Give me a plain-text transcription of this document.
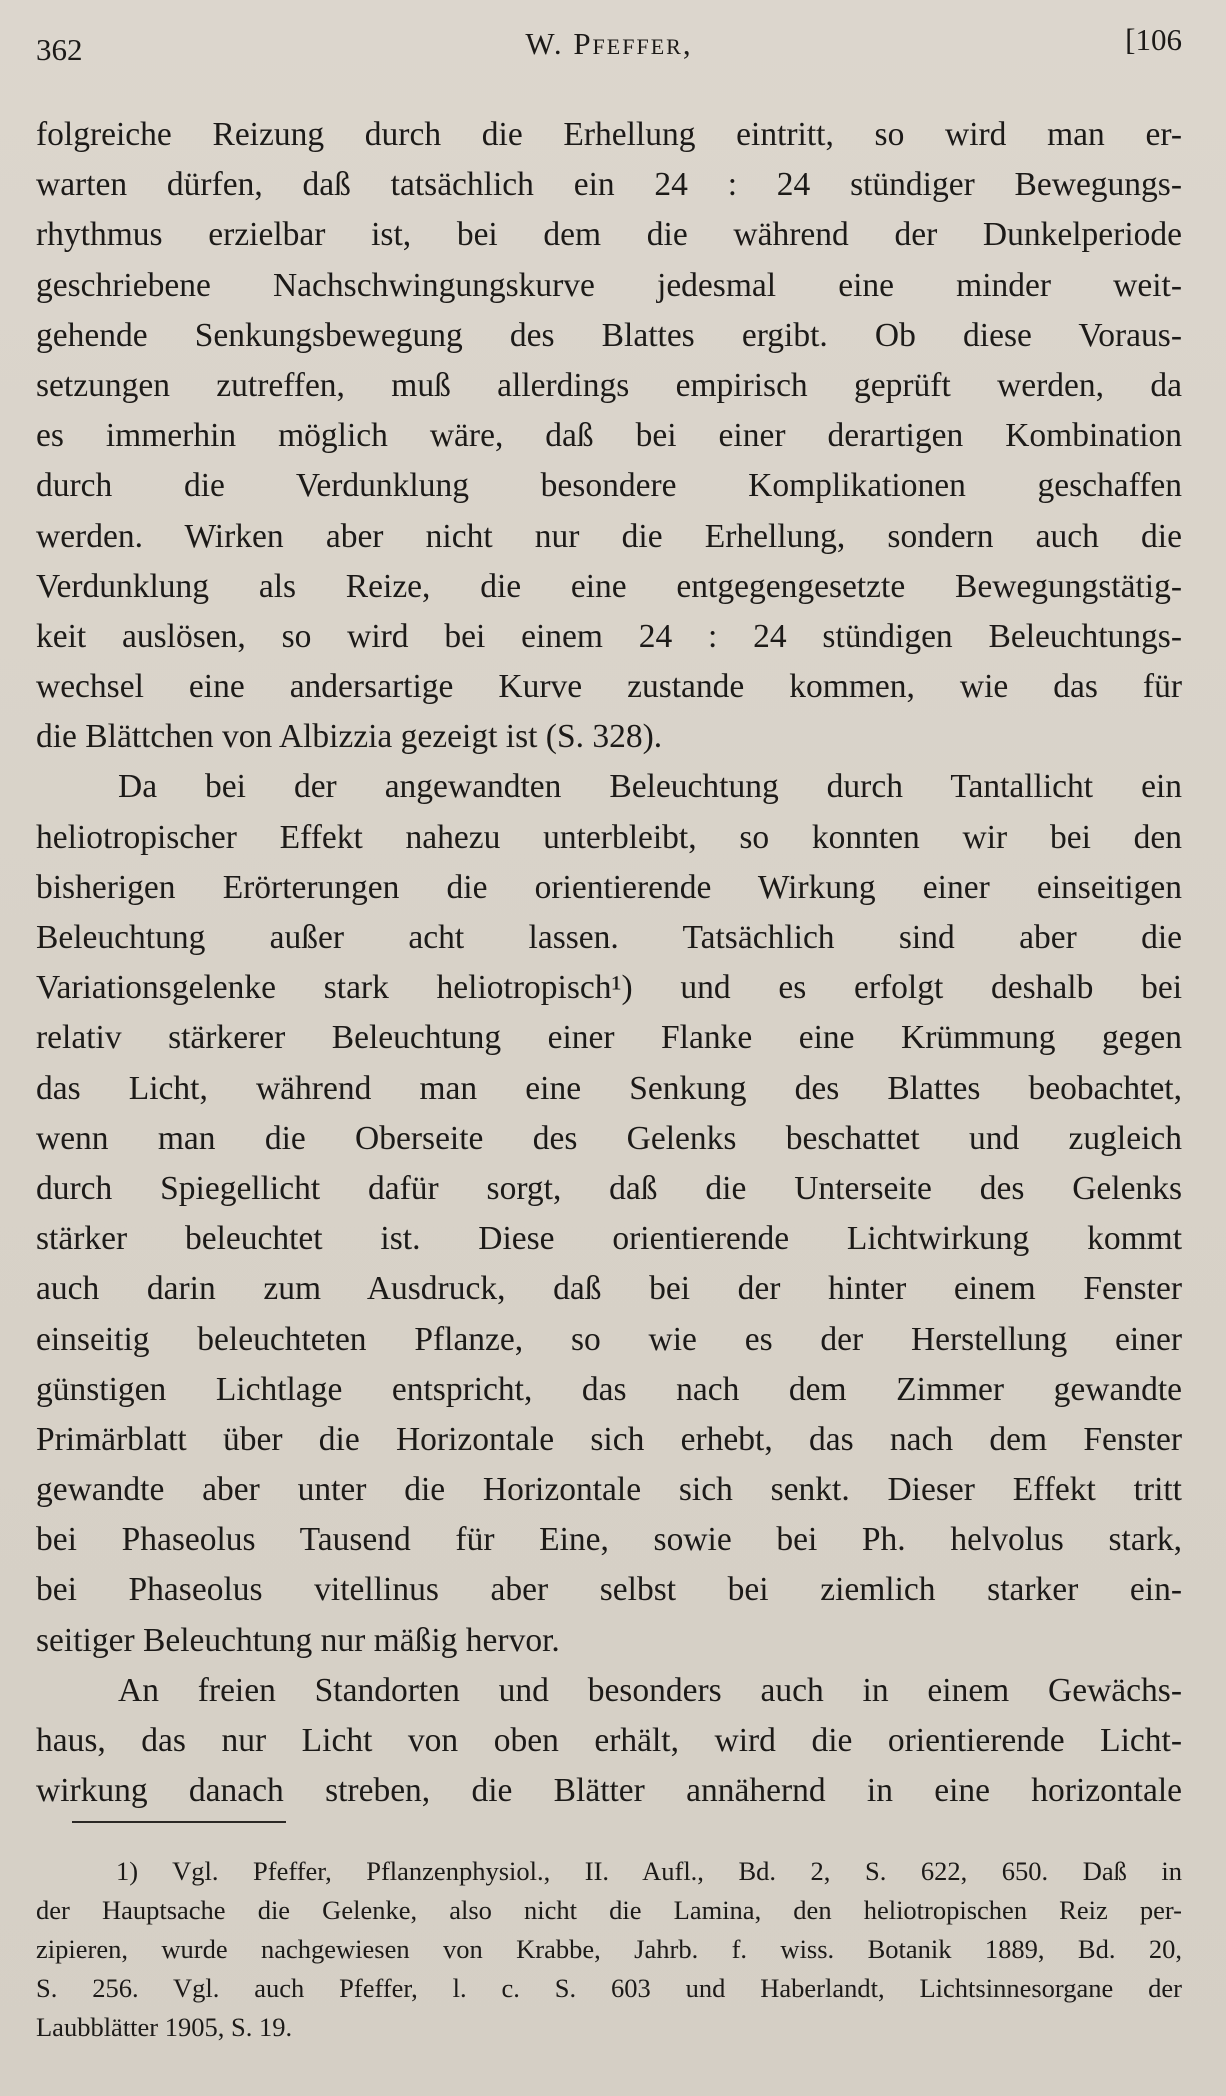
362	W. Pfeffer,	[106
folgreiche Reizung durch die Erhellung eintritt, so wird man er-
warten dürfen, daß tatsächlich ein 24 : 24 stündiger Bewegungs-
rhythmus erzielbar ist, bei dem die während der Dunkelperiode
geschriebene Nachschwingungskurve jedesmal eine minder weit-
gehende Senkungsbewegung des Blattes ergibt. Ob diese Voraus-
setzungen zutreffen, muß allerdings empirisch geprüft werden, da
es immerhin möglich wäre, daß bei einer derartigen Kombination
durch die Verdunklung besondere Komplikationen geschaffen
werden. Wirken aber nicht nur die Erhellung, sondern auch die
Verdunklung als Reize, die eine entgegengesetzte Bewegungstätig-
keit auslösen, so wird bei einem 24 : 24 stündigen Beleuchtungs-
wechsel eine andersartige Kurve zustande kommen, wie das für
die Blättchen von Albizzia gezeigt ist (S. 328).
Da bei der angewandten Beleuchtung durch Tantallicht ein
heliotropischer Effekt nahezu unterbleibt, so konnten wir bei den
bisherigen Erörterungen die orientierende Wirkung einer einseitigen
Beleuchtung außer acht lassen. Tatsächlich sind aber die
Variationsgelenke stark heliotropisch¹) und es erfolgt deshalb bei
relativ stärkerer Beleuchtung einer Flanke eine Krümmung gegen
das Licht, während man eine Senkung des Blattes beobachtet,
wenn man die Oberseite des Gelenks beschattet und zugleich
durch Spiegellicht dafür sorgt, daß die Unterseite des Gelenks
stärker beleuchtet ist. Diese orientierende Lichtwirkung kommt
auch darin zum Ausdruck, daß bei der hinter einem Fenster
einseitig beleuchteten Pflanze, so wie es der Herstellung einer
günstigen Lichtlage entspricht, das nach dem Zimmer gewandte
Primärblatt über die Horizontale sich erhebt, das nach dem Fenster
gewandte aber unter die Horizontale sich senkt. Dieser Effekt tritt
bei Phaseolus Tausend für Eine, sowie bei Ph. helvolus stark,
bei Phaseolus vitellinus aber selbst bei ziemlich starker ein-
seitiger Beleuchtung nur mäßig hervor.
An freien Standorten und besonders auch in einem Gewächs-
haus, das nur Licht von oben erhält, wird die orientierende Licht-
wirkung danach streben, die Blätter annähernd in eine horizontale
1) Vgl. Pfeffer, Pflanzenphysiol., II. Aufl., Bd. 2, S. 622, 650. Daß in
der Hauptsache die Gelenke, also nicht die Lamina, den heliotropischen Reiz per-
zipieren, wurde nachgewiesen von Krabbe, Jahrb. f. wiss. Botanik 1889, Bd. 20,
S. 256. Vgl. auch Pfeffer, l. c. S. 603 und Haberlandt, Lichtsinnesorgane der
Laubblätter 1905, S. 19.
